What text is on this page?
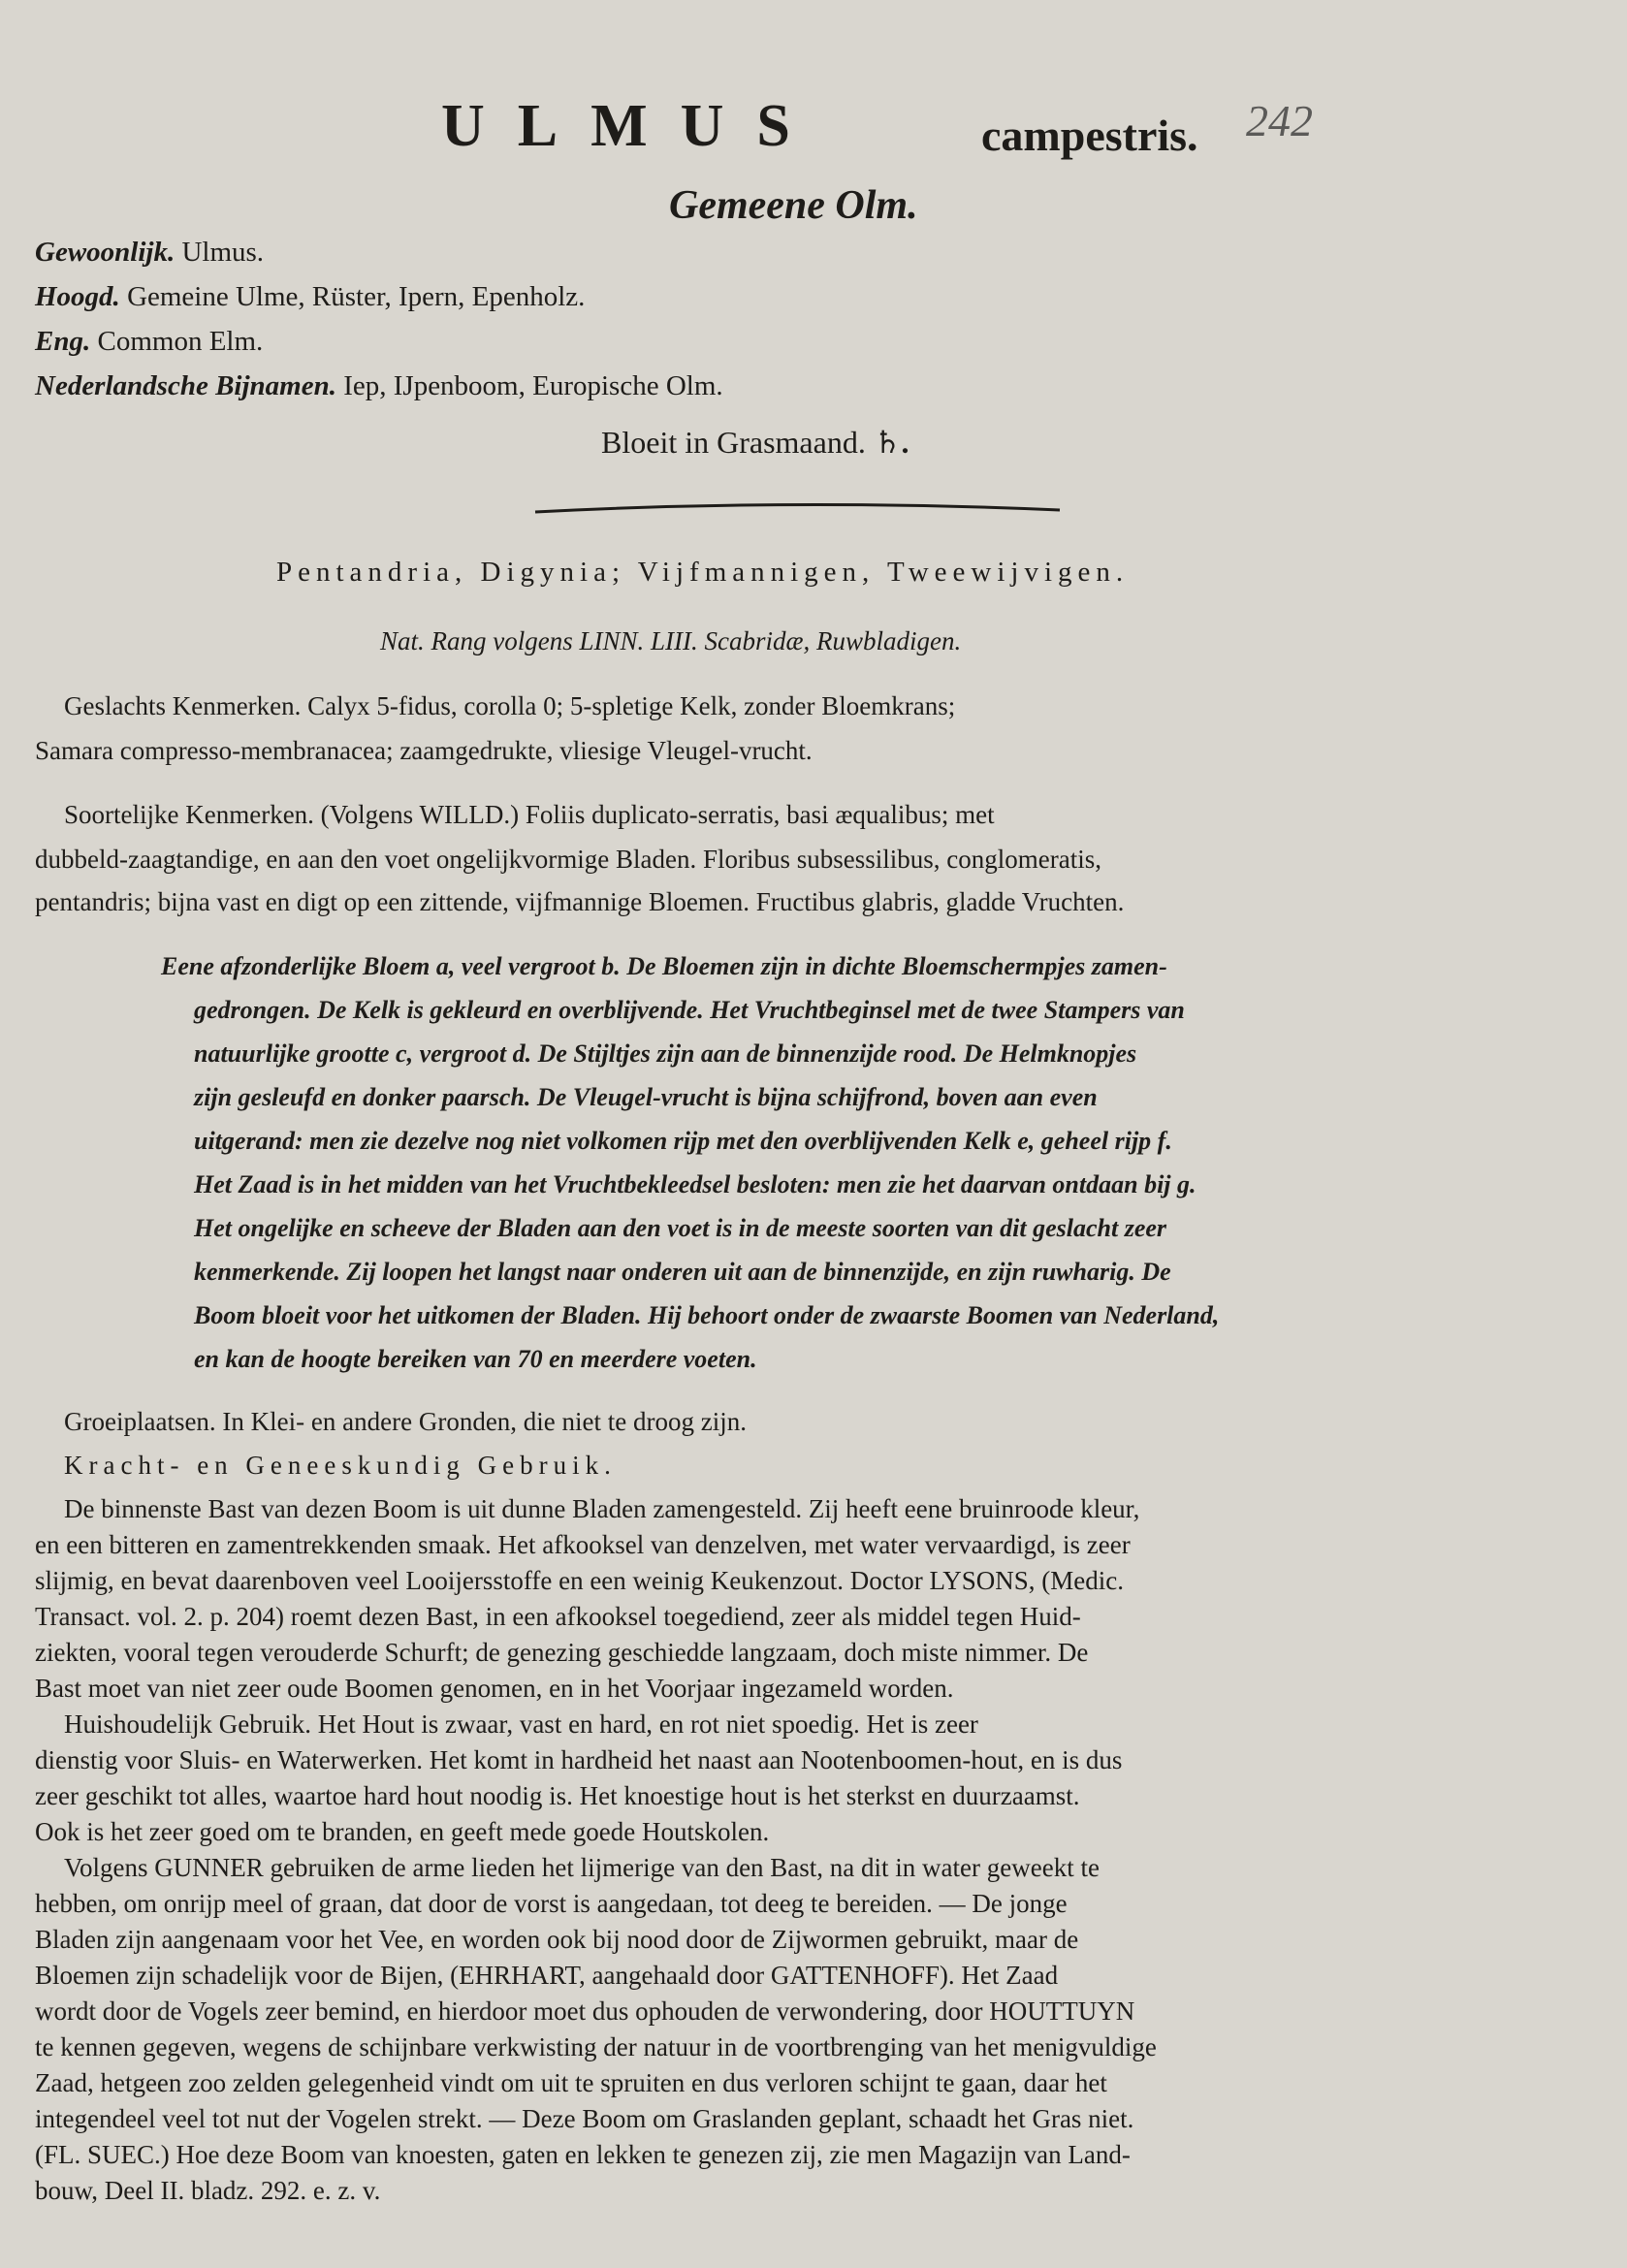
ULMUS	campestris. 242
Gemeene Olm.
Gewoonlijk. Ulmus.
Hoogd. Gemeine Ulme, Rüster, Ipern, Epenholz.
Eng. Common Elm.
Nederlandsche Bijnamen. Iep, IJpenboom, Europische Olm.
Bloeit in Grasmaand. ♄.
Pentandria, Digynia; Vijfmannigen, Tweewijvigen.
Nat. Rang volgens LINN. LIII. Scabridæ, Ruwbladigen.
Geslachts Kenmerken. Calyx 5-fidus, corolla 0; 5-spletige Kelk, zonder Bloemkrans;
Samara compresso-membranacea; zaamgedrukte, vliesige Vleugel-vrucht.
Soortelijke Kenmerken. (Volgens WILLD.) Foliis duplicato-serratis, basi æqualibus; met
dubbeld-zaagtandige, en aan den voet ongelijkvormige Bladen. Floribus subsessilibus, conglomeratis,
pentandris; bijna vast en digt op een zittende, vijfmannige Bloemen. Fructibus glabris, gladde Vruchten.
Eene afzonderlijke Bloem a, veel vergroot b. De Bloemen zijn in dichte Bloemschermpjes zamen-
gedrongen. De Kelk is gekleurd en overblijvende. Het Vruchtbeginsel met de twee Stampers van
natuurlijke grootte c, vergroot d. De Stijltjes zijn aan de binnenzijde rood. De Helmknopjes
zijn gesleufd en donker paarsch. De Vleugel-vrucht is bijna schijfrond, boven aan even
uitgerand: men zie dezelve nog niet volkomen rijp met den overblijvenden Kelk e, geheel rijp f.
Het Zaad is in het midden van het Vruchtbekleedsel besloten: men zie het daarvan ontdaan bij g.
Het ongelijke en scheeve der Bladen aan den voet is in de meeste soorten van dit geslacht zeer
kenmerkende. Zij loopen het langst naar onderen uit aan de binnenzijde, en zijn ruwharig. De
Boom bloeit voor het uitkomen der Bladen. Hij behoort onder de zwaarste Boomen van Nederland,
en kan de hoogte bereiken van 70 en meerdere voeten.
Groeiplaatsen. In Klei- en andere Gronden, die niet te droog zijn.
Kracht- en Geneeskundig Gebruik.
De binnenste Bast van dezen Boom is uit dunne Bladen zamengesteld. Zij heeft eene bruinroode kleur,
en een bitteren en zamentrekkenden smaak. Het afkooksel van denzelven, met water vervaardigd, is zeer
slijmig, en bevat daarenboven veel Looijersstoffe en een weinig Keukenzout. Doctor LYSONS, (Medic.
Transact. vol. 2. p. 204) roemt dezen Bast, in een afkooksel toegediend, zeer als middel tegen Huid-
ziekten, vooral tegen verouderde Schurft; de genezing geschiedde langzaam, doch miste nimmer. De
Bast moet van niet zeer oude Boomen genomen, en in het Voorjaar ingezameld worden.
Huishoudelijk Gebruik. Het Hout is zwaar, vast en hard, en rot niet spoedig. Het is zeer
dienstig voor Sluis- en Waterwerken. Het komt in hardheid het naast aan Nootenboomen-hout, en is dus
zeer geschikt tot alles, waartoe hard hout noodig is. Het knoestige hout is het sterkst en duurzaamst.
Ook is het zeer goed om te branden, en geeft mede goede Houtskolen.
Volgens GUNNER gebruiken de arme lieden het lijmerige van den Bast, na dit in water geweekt te
hebben, om onrijp meel of graan, dat door de vorst is aangedaan, tot deeg te bereiden. — De jonge
Bladen zijn aangenaam voor het Vee, en worden ook bij nood door de Zijwormen gebruikt, maar de
Bloemen zijn schadelijk voor de Bijen, (EHRHART, aangehaald door GATTENHOFF). Het Zaad
wordt door de Vogels zeer bemind, en hierdoor moet dus ophouden de verwondering, door HOUTTUYN
te kennen gegeven, wegens de schijnbare verkwisting der natuur in de voortbrenging van het menigvuldige
Zaad, hetgeen zoo zelden gelegenheid vindt om uit te spruiten en dus verloren schijnt te gaan, daar het
integendeel veel tot nut der Vogelen strekt. — Deze Boom om Graslanden geplant, schaadt het Gras niet.
(FL. SUEC.) Hoe deze Boom van knoesten, gaten en lekken te genezen zij, zie men Magazijn van Land-
bouw, Deel II. bladz. 292. e. z. v.
